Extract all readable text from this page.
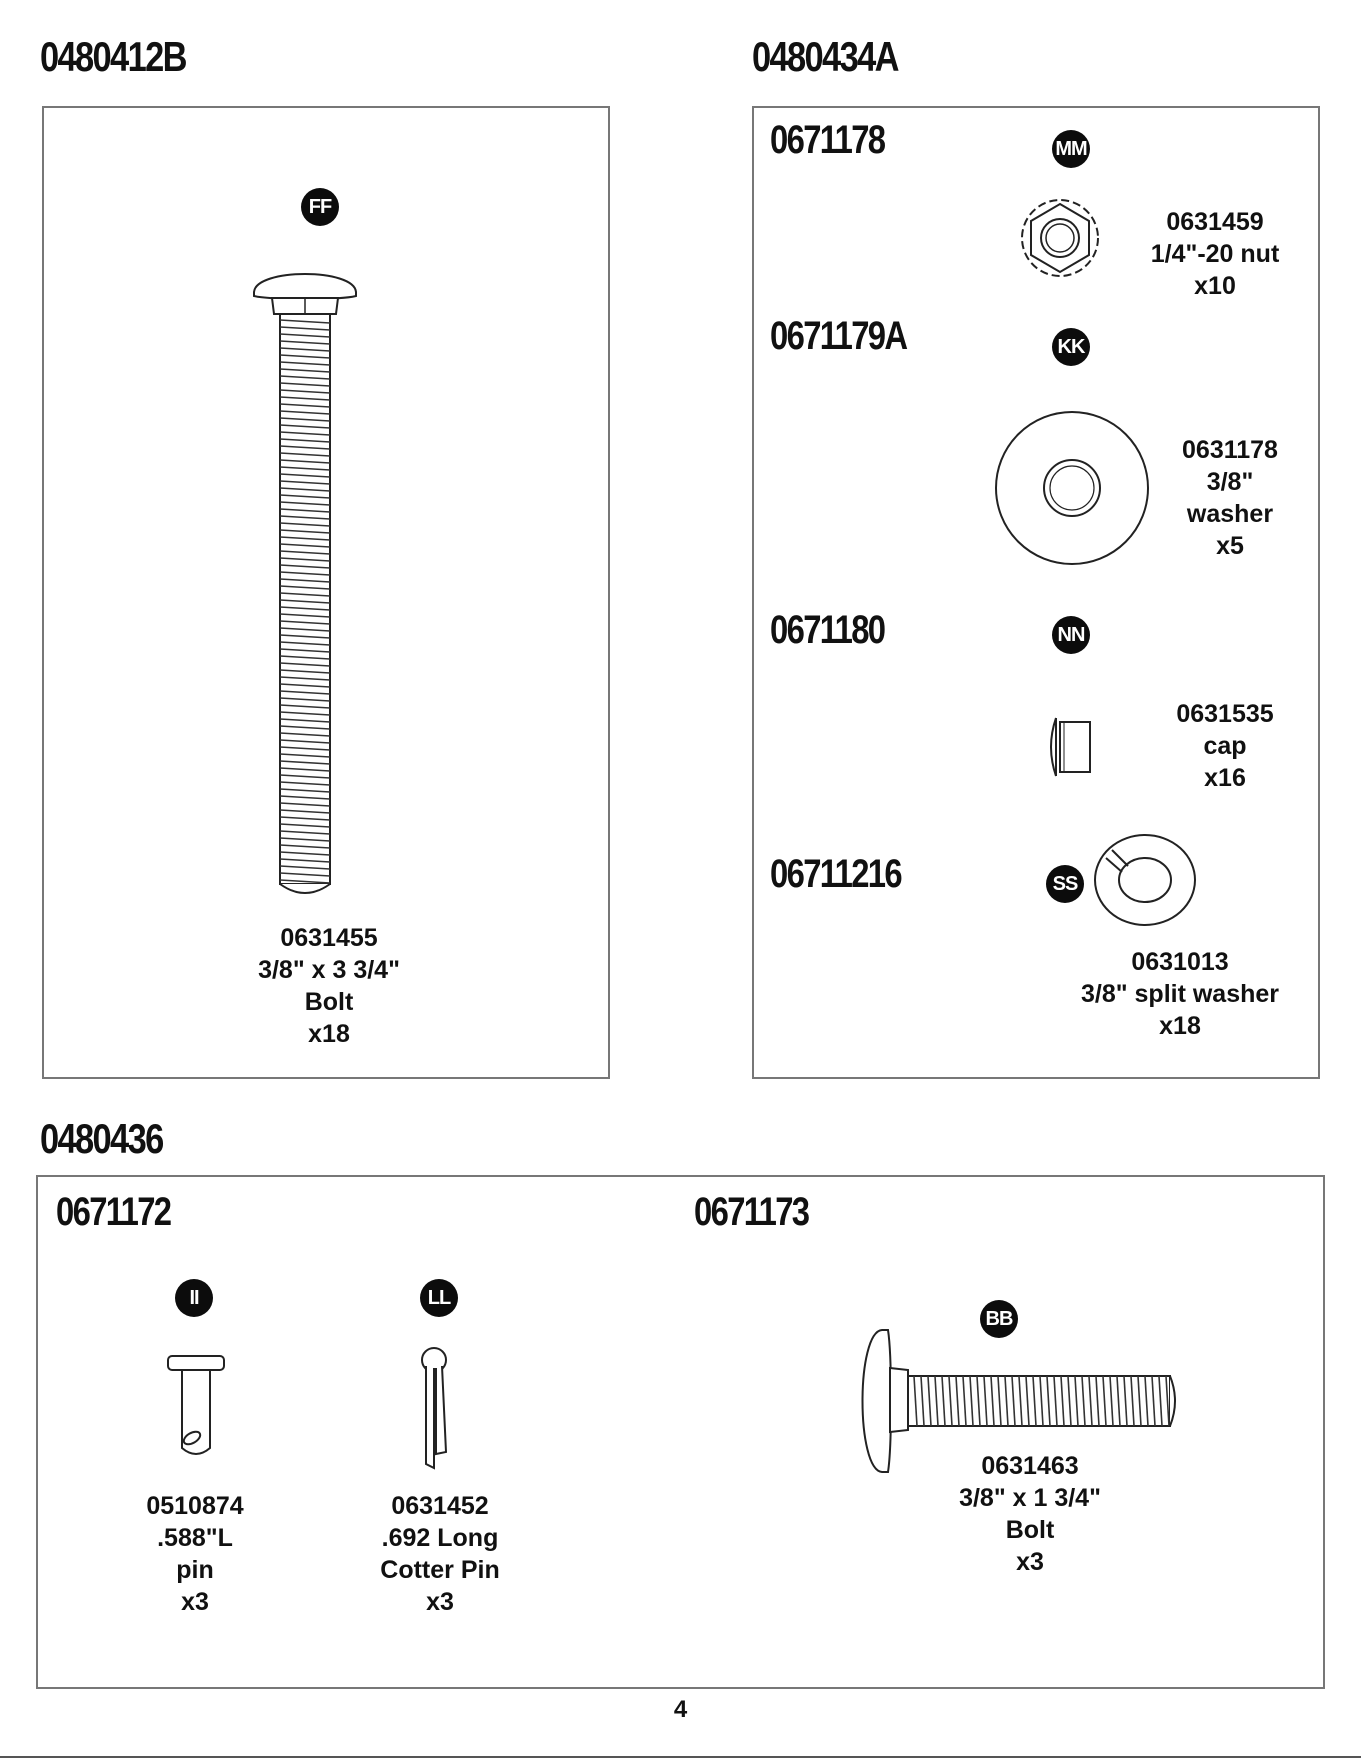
0480412B	0480434A
0480436
FF
0631455
3/8" x 3 3/4"
Bolt
x18
0671178	MM
0631459
1/4"-20 nut
x10
0671179A	KK
0631178
3/8"
washer
x5
0671180	NN
0631535
cap
x16
06711216	SS
0631013
3/8" split washer
x18
0671172	0671173
II
0510874
.588"L
pin
x3
LL
0631452
.692 Long
Cotter Pin
x3
BB
0631463
3/8" x 1 3/4"
Bolt
x3
4
